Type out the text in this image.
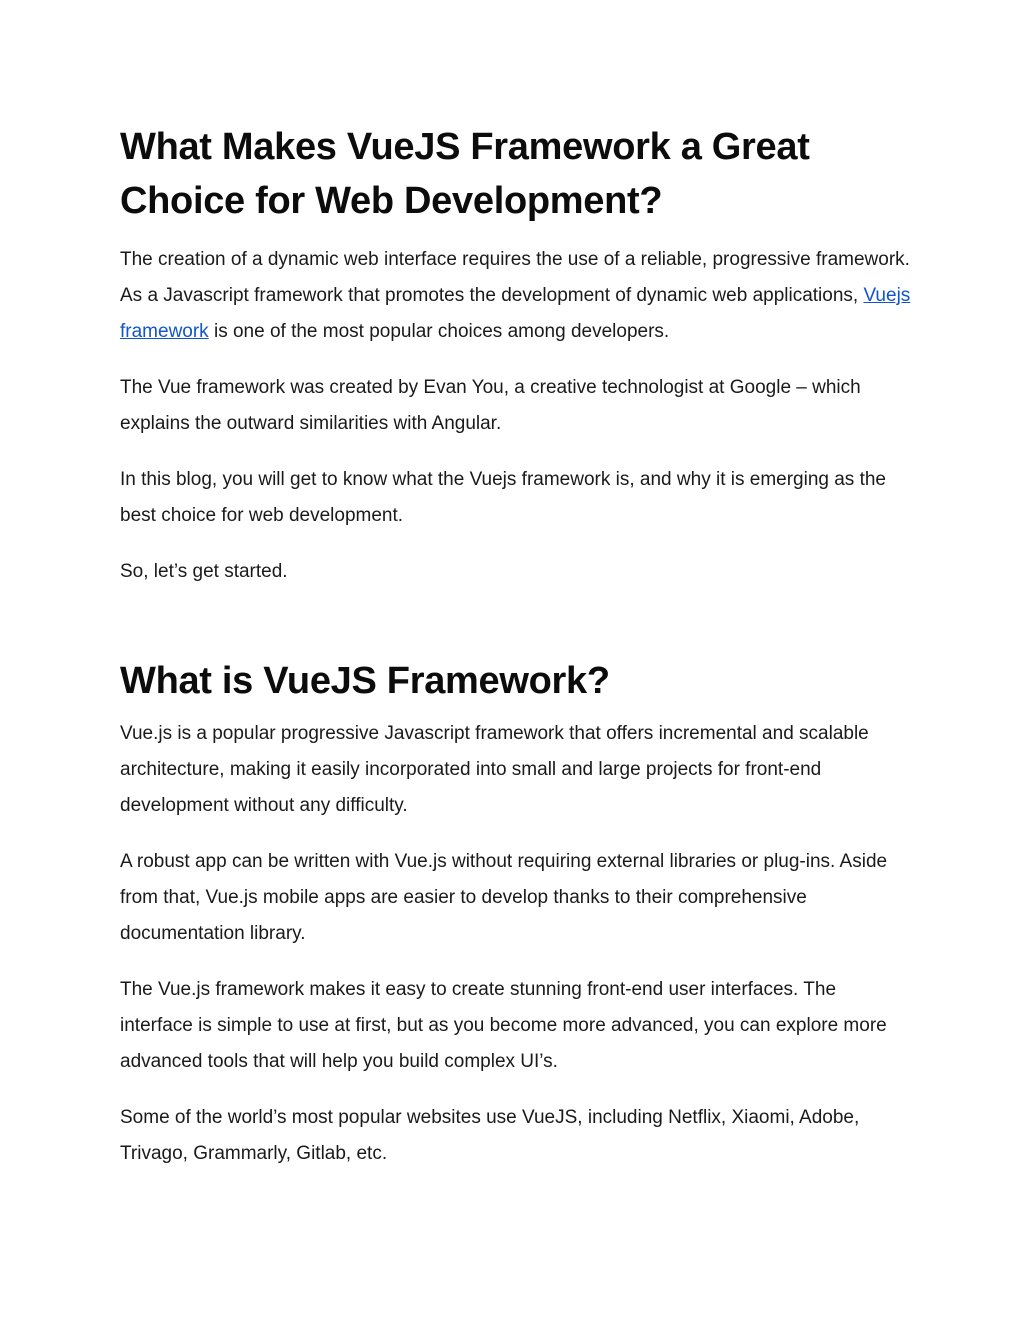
What Makes VueJS Framework a Great Choice for Web Development?

The creation of a dynamic web interface requires the use of a reliable, progressive framework. As a Javascript framework that promotes the development of dynamic web applications, Vuejs framework is one of the most popular choices among developers.

The Vue framework was created by Evan You, a creative technologist at Google – which explains the outward similarities with Angular.

In this blog, you will get to know what the Vuejs framework is, and why it is emerging as the best choice for web development.

So, let’s get started.

What is VueJS Framework?

Vue.js is a popular progressive Javascript framework that offers incremental and scalable architecture, making it easily incorporated into small and large projects for front-end development without any difficulty.

A robust app can be written with Vue.js without requiring external libraries or plug-ins. Aside from that, Vue.js mobile apps are easier to develop thanks to their comprehensive documentation library.

The Vue.js framework makes it easy to create stunning front-end user interfaces. The interface is simple to use at first, but as you become more advanced, you can explore more advanced tools that will help you build complex UI’s.

Some of the world’s most popular websites use VueJS, including Netflix, Xiaomi, Adobe, Trivago, Grammarly, Gitlab, etc.
